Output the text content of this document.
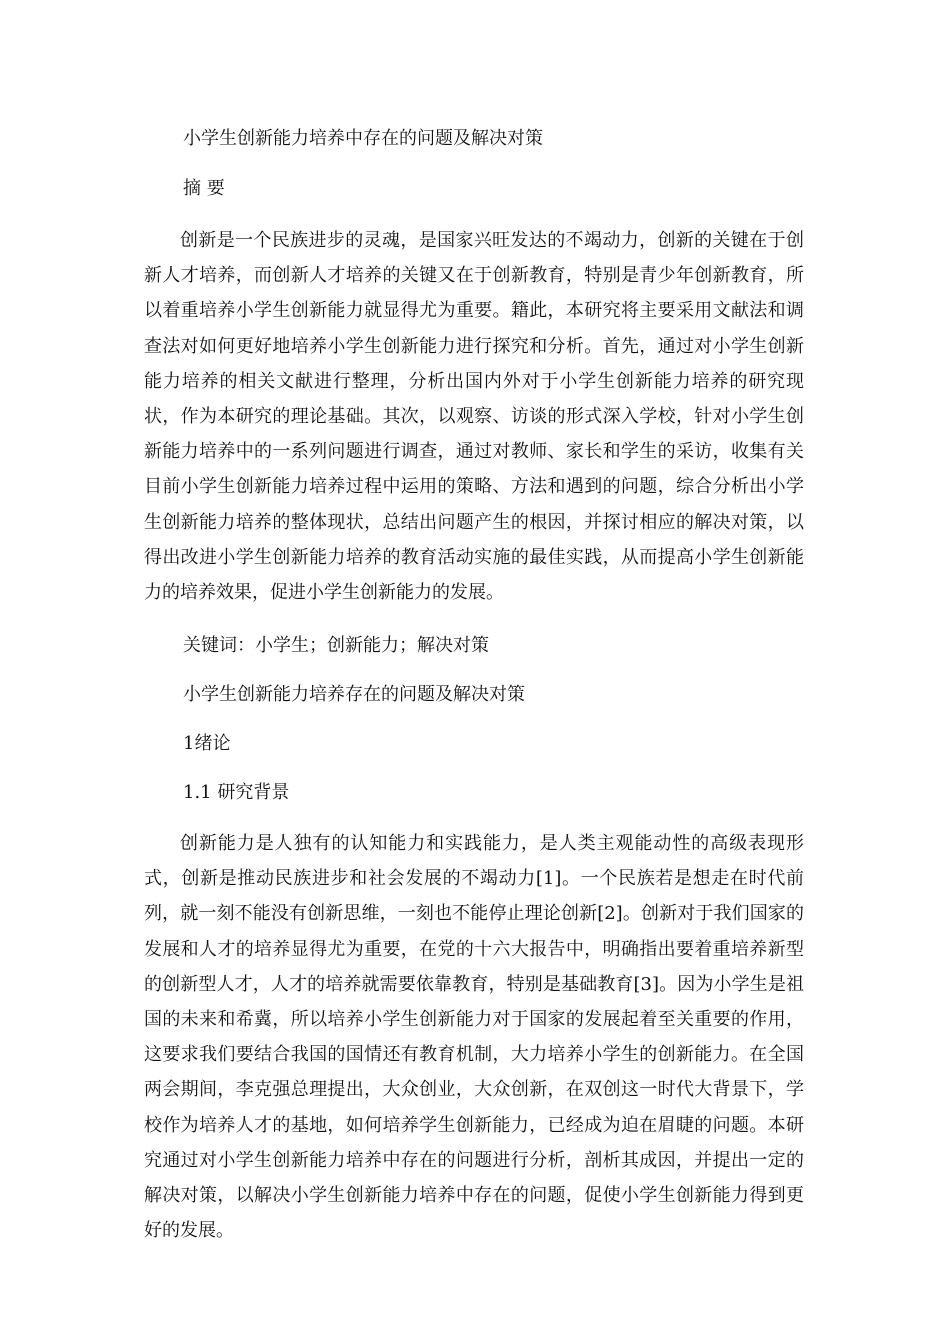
小学生创新能力培养中存在的问题及解决对策
摘 要

创新是一个民族进步的灵魂，是国家兴旺发达的不竭动力，创新的关键在于创新人才培养，而创新人才培养的关键又在于创新教育，特别是青少年创新教育，所以着重培养小学生创新能力就显得尤为重要。籍此，本研究将主要采用文献法和调查法对如何更好地培养小学生创新能力进行探究和分析。首先，通过对小学生创新能力培养的相关文献进行整理，分析出国内外对于小学生创新能力培养的研究现状，作为本研究的理论基础。其次，以观察、访谈的形式深入学校，针对小学生创新能力培养中的一系列问题进行调查，通过对教师、家长和学生的采访，收集有关目前小学生创新能力培养过程中运用的策略、方法和遇到的问题，综合分析出小学生创新能力培养的整体现状，总结出问题产生的根因，并探讨相应的解决对策，以得出改进小学生创新能力培养的教育活动实施的最佳实践，从而提高小学生创新能力的培养效果，促进小学生创新能力的发展。

关键词：小学生；创新能力；解决对策
小学生创新能力培养存在的问题及解决对策
1绪论
1.1 研究背景

创新能力是人独有的认知能力和实践能力，是人类主观能动性的高级表现形式，创新是推动民族进步和社会发展的不竭动力[1]。一个民族若是想走在时代前列，就一刻不能没有创新思维，一刻也不能停止理论创新[2]。创新对于我们国家的发展和人才的培养显得尤为重要，在党的十六大报告中，明确指出要着重培养新型的创新型人才，人才的培养就需要依靠教育，特别是基础教育[3]。因为小学生是祖国的未来和希冀，所以培养小学生创新能力对于国家的发展起着至关重要的作用，这要求我们要结合我国的国情还有教育机制，大力培养小学生的创新能力。在全国两会期间，李克强总理提出，大众创业，大众创新，在双创这一时代大背景下，学校作为培养人才的基地，如何培养学生创新能力，已经成为迫在眉睫的问题。本研究通过对小学生创新能力培养中存在的问题进行分析，剖析其成因，并提出一定的解决对策，以解决小学生创新能力培养中存在的问题，促使小学生创新能力得到更好的发展。
